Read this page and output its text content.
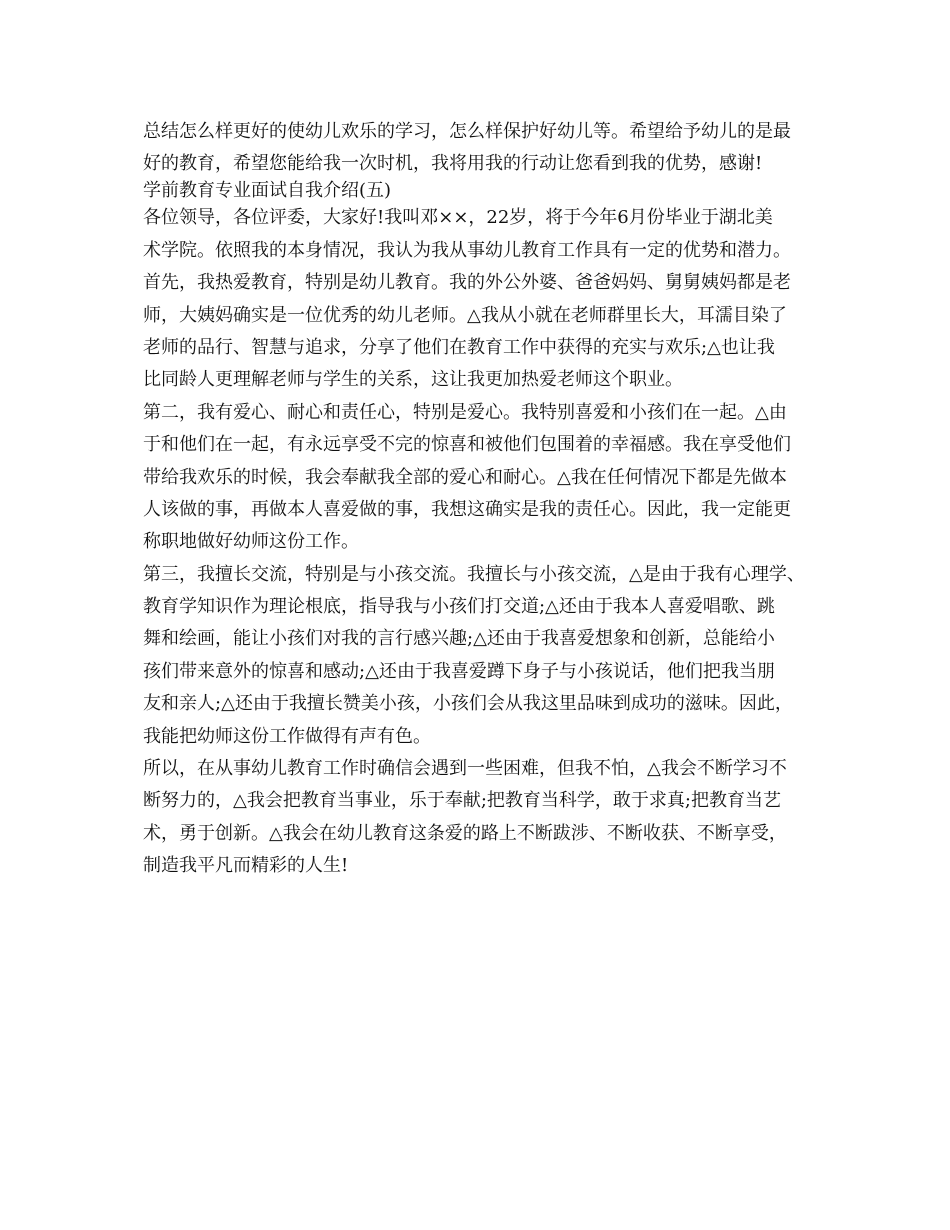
总结怎么样更好的使幼儿欢乐的学习，怎么样保护好幼儿等。希望给予幼儿的是最
好的教育，希望您能给我一次时机，我将用我的行动让您看到我的优势，感谢!
学前教育专业面试自我介绍(五)
各位领导，各位评委，大家好!我叫邓××，22岁，将于今年6月份毕业于湖北美
术学院。依照我的本身情况，我认为我从事幼儿教育工作具有一定的优势和潜力。
首先，我热爱教育，特别是幼儿教育。我的外公外婆、爸爸妈妈、舅舅姨妈都是老
师，大姨妈确实是一位优秀的幼儿老师。△我从小就在老师群里长大，耳濡目染了
老师的品行、智慧与追求，分享了他们在教育工作中获得的充实与欢乐;△也让我
比同龄人更理解老师与学生的关系，这让我更加热爱老师这个职业。
第二，我有爱心、耐心和责任心，特别是爱心。我特别喜爱和小孩们在一起。△由
于和他们在一起，有永远享受不完的惊喜和被他们包围着的幸福感。我在享受他们
带给我欢乐的时候，我会奉献我全部的爱心和耐心。△我在任何情况下都是先做本
人该做的事，再做本人喜爱做的事，我想这确实是我的责任心。因此，我一定能更
称职地做好幼师这份工作。
第三，我擅长交流，特别是与小孩交流。我擅长与小孩交流，△是由于我有心理学、
教育学知识作为理论根底，指导我与小孩们打交道;△还由于我本人喜爱唱歌、跳
舞和绘画，能让小孩们对我的言行感兴趣;△还由于我喜爱想象和创新，总能给小
孩们带来意外的惊喜和感动;△还由于我喜爱蹲下身子与小孩说话，他们把我当朋
友和亲人;△还由于我擅长赞美小孩，小孩们会从我这里品味到成功的滋味。因此，
我能把幼师这份工作做得有声有色。
所以，在从事幼儿教育工作时确信会遇到一些困难，但我不怕，△我会不断学习不
断努力的，△我会把教育当事业，乐于奉献;把教育当科学，敢于求真;把教育当艺
术，勇于创新。△我会在幼儿教育这条爱的路上不断跋涉、不断收获、不断享受，
制造我平凡而精彩的人生!
